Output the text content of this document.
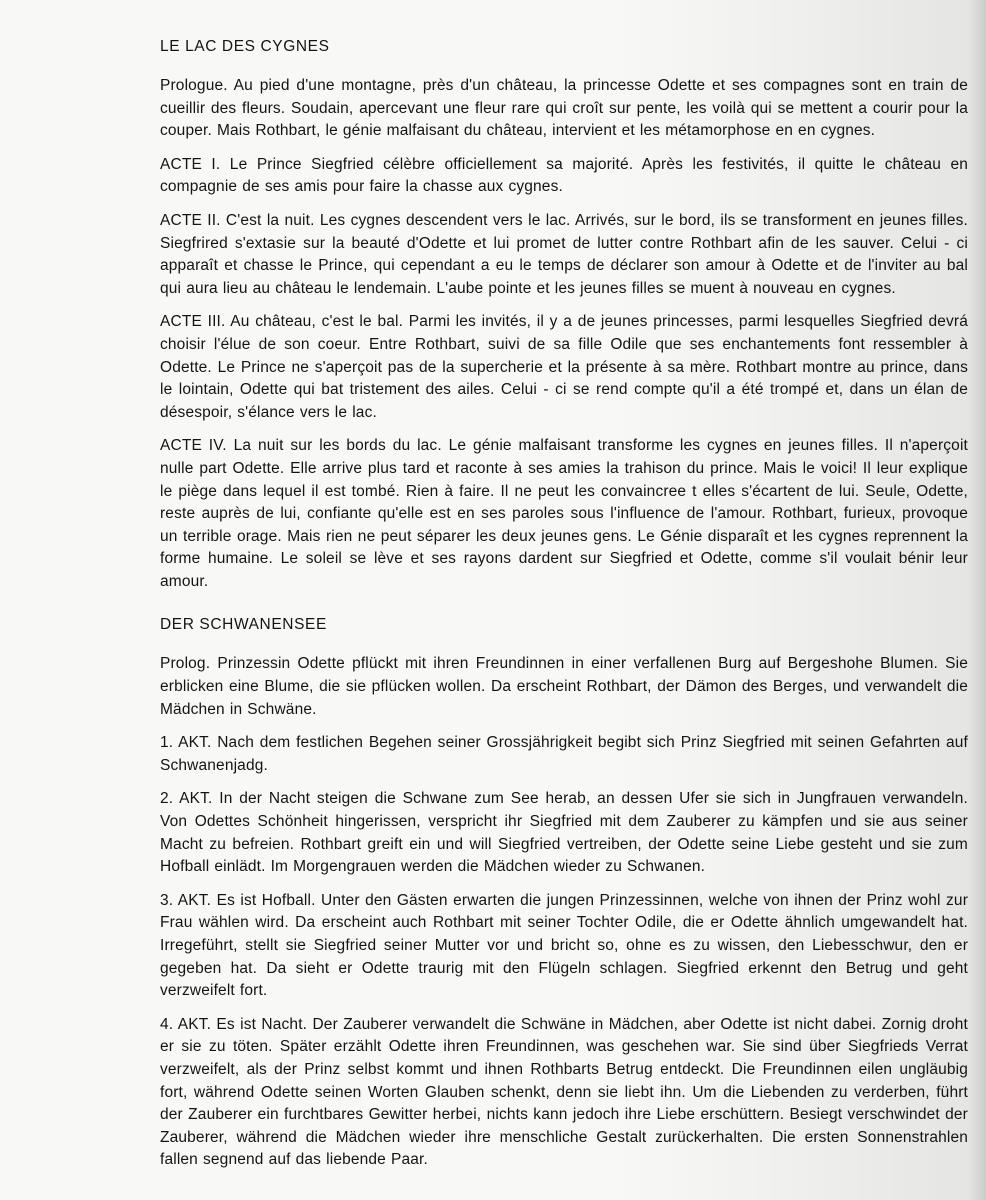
LE LAC DES CYGNES

Prologue. Au pied d'une montagne, près d'un château, la princesse Odette et ses compagnes sont en train de cueillir des fleurs. Soudain, apercevant une fleur rare qui croît sur pente, les voilà qui se mettent a courir pour la couper. Mais Rothbart, le génie malfaisant du château, intervient et les métamorphose en en cygnes.

ACTE I. Le Prince Siegfried célèbre officiellement sa majorité. Après les festivités, il quitte le château en compagnie de ses amis pour faire la chasse aux cygnes.

ACTE II. C'est la nuit. Les cygnes descendent vers le lac. Arrivés, sur le bord, ils se transforment en jeunes filles. Siegfrired s'extasie sur la beauté d'Odette et lui promet de lutter contre Rothbart afin de les sauver. Celui - ci apparaît et chasse le Prince, qui cependant a eu le temps de déclarer son amour à Odette et de l'inviter au bal qui aura lieu au château le lendemain. L'aube pointe et les jeunes filles se muent à nouveau en cygnes.

ACTE III. Au château, c'est le bal. Parmi les invités, il y a de jeunes princesses, parmi lesquelles Siegfried devrá choisir l'élue de son coeur. Entre Rothbart, suivi de sa fille Odile que ses enchantements font ressembler à Odette. Le Prince ne s'aperçoit pas de la supercherie et la présente à sa mère. Rothbart montre au prince, dans le lointain, Odette qui bat tristement des ailes. Celui - ci se rend compte qu'il a été trompé et, dans un élan de désespoir, s'élance vers le lac.

ACTE IV. La nuit sur les bords du lac. Le génie malfaisant transforme les cygnes en jeunes filles. Il n'aperçoit nulle part Odette. Elle arrive plus tard et raconte à ses amies la trahison du prince. Mais le voici! Il leur explique le piège dans lequel il est tombé. Rien à faire. Il ne peut les convaincree t elles s'écartent de lui. Seule, Odette, reste auprès de lui, confiante qu'elle est en ses paroles sous l'influence de l'amour. Rothbart, furieux, provoque un terrible orage. Mais rien ne peut séparer les deux jeunes gens. Le Génie disparaît et les cygnes reprennent la forme humaine. Le soleil se lève et ses rayons dardent sur Siegfried et Odette, comme s'il voulait bénir leur amour.

DER SCHWANENSEE

Prolog. Prinzessin Odette pflückt mit ihren Freundinnen in einer verfallenen Burg auf Bergeshohe Blumen. Sie erblicken eine Blume, die sie pflücken wollen. Da erscheint Rothbart, der Dämon des Berges, und verwandelt die Mädchen in Schwäne.

1. AKT. Nach dem festlichen Begehen seiner Grossjährigkeit begibt sich Prinz Siegfried mit seinen Gefahrten auf Schwanenjadg.

2. AKT. In der Nacht steigen die Schwane zum See herab, an dessen Ufer sie sich in Jungfrauen verwandeln. Von Odettes Schönheit hingerissen, verspricht ihr Siegfried mit dem Zauberer zu kämpfen und sie aus seiner Macht zu befreien. Rothbart greift ein und will Siegfried vertreiben, der Odette seine Liebe gesteht und sie zum Hofball einlädt. Im Morgengrauen werden die Mädchen wieder zu Schwanen.

3. AKT. Es ist Hofball. Unter den Gästen erwarten die jungen Prinzessinnen, welche von ihnen der Prinz wohl zur Frau wählen wird. Da erscheint auch Rothbart mit seiner Tochter Odile, die er Odette ähnlich umgewandelt hat. Irregeführt, stellt sie Siegfried seiner Mutter vor und bricht so, ohne es zu wissen, den Liebesschwur, den er gegeben hat. Da sieht er Odette traurig mit den Flügeln schlagen. Siegfried erkennt den Betrug und geht verzweifelt fort.

4. AKT. Es ist Nacht. Der Zauberer verwandelt die Schwäne in Mädchen, aber Odette ist nicht dabei. Zornig droht er sie zu töten. Später erzählt Odette ihren Freundinnen, was geschehen war. Sie sind über Siegfrieds Verrat verzweifelt, als der Prinz selbst kommt und ihnen Rothbarts Betrug entdeckt. Die Freundinnen eilen ungläubig fort, während Odette seinen Worten Glauben schenkt, denn sie liebt ihn. Um die Liebenden zu verderben, führt der Zauberer ein furchtbares Gewitter herbei, nichts kann jedoch ihre Liebe erschüttern. Besiegt verschwindet der Zauberer, während die Mädchen wieder ihre menschliche Gestalt zurückerhalten. Die ersten Sonnenstrahlen fallen segnend auf das liebende Paar.
